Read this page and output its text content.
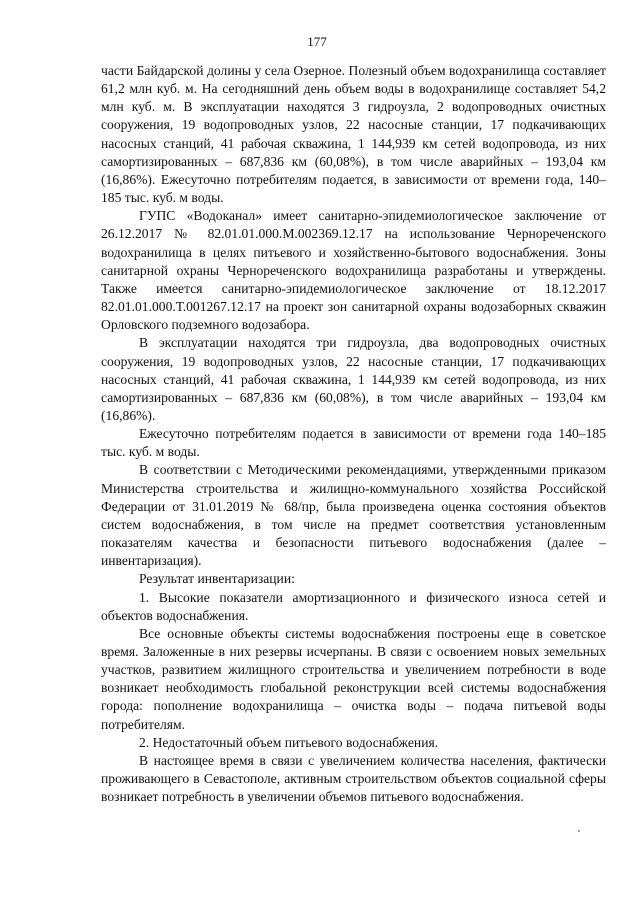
177

части Байдарской долины у села Озерное. Полезный объем водохранилища составляет 61,2 млн куб. м. На сегодняшний день объем воды в водохранилище составляет 54,2 млн куб. м. В эксплуатации находятся 3 гидроузла, 2 водопроводных очистных сооружения, 19 водопроводных узлов, 22 насосные станции, 17 подкачивающих насосных станций, 41 рабочая скважина, 1 144,939 км сетей водопровода, из них самортизированных – 687,836 км (60,08%), в том числе аварийных – 193,04 км (16,86%). Ежесуточно потребителям подается, в зависимости от времени года, 140–185 тыс. куб. м воды.

ГУПС «Водоканал» имеет санитарно-эпидемиологическое заключение от 26.12.2017 № 82.01.01.000.М.002369.12.17 на использование Чернореченского водохранилища в целях питьевого и хозяйственно-бытового водоснабжения. Зоны санитарной охраны Чернореченского водохранилища разработаны и утверждены. Также имеется санитарно-эпидемиологическое заключение от 18.12.2017 82.01.01.000.Т.001267.12.17 на проект зон санитарной охраны водозаборных скважин Орловского подземного водозабора.

В эксплуатации находятся три гидроузла, два водопроводных очистных сооружения, 19 водопроводных узлов, 22 насосные станции, 17 подкачивающих насосных станций, 41 рабочая скважина, 1 144,939 км сетей водопровода, из них самортизированных – 687,836 км (60,08%), в том числе аварийных – 193,04 км (16,86%).

Ежесуточно потребителям подается в зависимости от времени года 140–185 тыс. куб. м воды.

В соответствии с Методическими рекомендациями, утвержденными приказом Министерства строительства и жилищно-коммунального хозяйства Российской Федерации от 31.01.2019 № 68/пр, была произведена оценка состояния объектов систем водоснабжения, в том числе на предмет соответствия установленным показателям качества и безопасности питьевого водоснабжения (далее – инвентаризация).

Результат инвентаризации:

1. Высокие показатели амортизационного и физического износа сетей и объектов водоснабжения.

Все основные объекты системы водоснабжения построены еще в советское время. Заложенные в них резервы исчерпаны. В связи с освоением новых земельных участков, развитием жилищного строительства и увеличением потребности в воде возникает необходимость глобальной реконструкции всей системы водоснабжения города: пополнение водохранилища – очистка воды – подача питьевой воды потребителям.

2. Недостаточный объем питьевого водоснабжения.

В настоящее время в связи с увеличением количества населения, фактически проживающего в Севастополе, активным строительством объектов социальной сферы возникает потребность в увеличении объемов питьевого водоснабжения.
